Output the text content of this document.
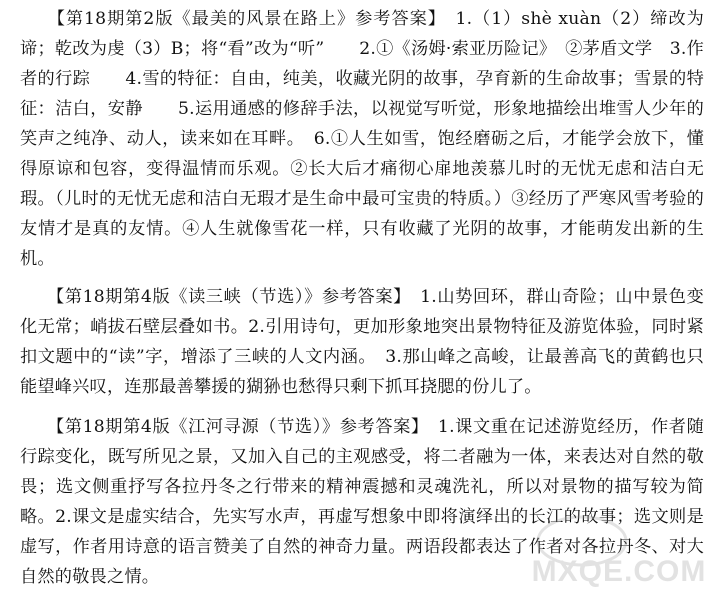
　　【第18期第2版《最美的风景在路上》参考答案】　1.（1）shè xuàn（2）缔改为谛；乾改为虔（3）B；将“看”改为“听”　　2.①《汤姆·索亚历险记》　②茅盾文学　3.作者的行踪　　4.雪的特征：自由，纯美，收藏光阴的故事，孕育新的生命故事；雪景的特征：洁白，安静　　5.运用通感的修辞手法，以视觉写听觉，形象地描绘出堆雪人少年的笑声之纯净、动人，读来如在耳畔。　6.①人生如雪，饱经磨砺之后，才能学会放下，懂得原谅和包容，变得温情而乐观。②长大后才痛彻心扉地羡慕儿时的无忧无虑和洁白无瑕。（儿时的无忧无虑和洁白无瑕才是生命中最可宝贵的特质。）③经历了严寒风雪考验的友情才是真的友情。④人生就像雪花一样，只有收藏了光阴的故事，才能萌发出新的生机。

　　【第18期第4版《读三峡（节选）》参考答案】　1.山势回环，群山奇险；山中景色变化无常；峭拔石壁层叠如书。2.引用诗句，更加形象地突出景物特征及游览体验，同时紧扣文题中的“读”字，增添了三峡的人文内涵。　3.那山峰之高峻，让最善高飞的黄鹤也只能望峰兴叹，连那最善攀援的猢狲也愁得只剩下抓耳挠腮的份儿了。

　　【第18期第4版《江河寻源（节选）》参考答案】　1.课文重在记述游览经历，作者随行踪变化，既写所见之景，又加入自己的主观感受，将二者融为一体，来表达对自然的敬畏；选文侧重抒写各拉丹冬之行带来的精神震撼和灵魂洗礼，所以对景物的描写较为简略。2.课文是虚实结合，先实写水声，再虚写想象中即将演绎出的长江的故事；选文则是虚写，作者用诗意的语言赞美了自然的神奇力量。两语段都表达了作者对各拉丹冬、对大自然的敬畏之情。	MXQE.COM
